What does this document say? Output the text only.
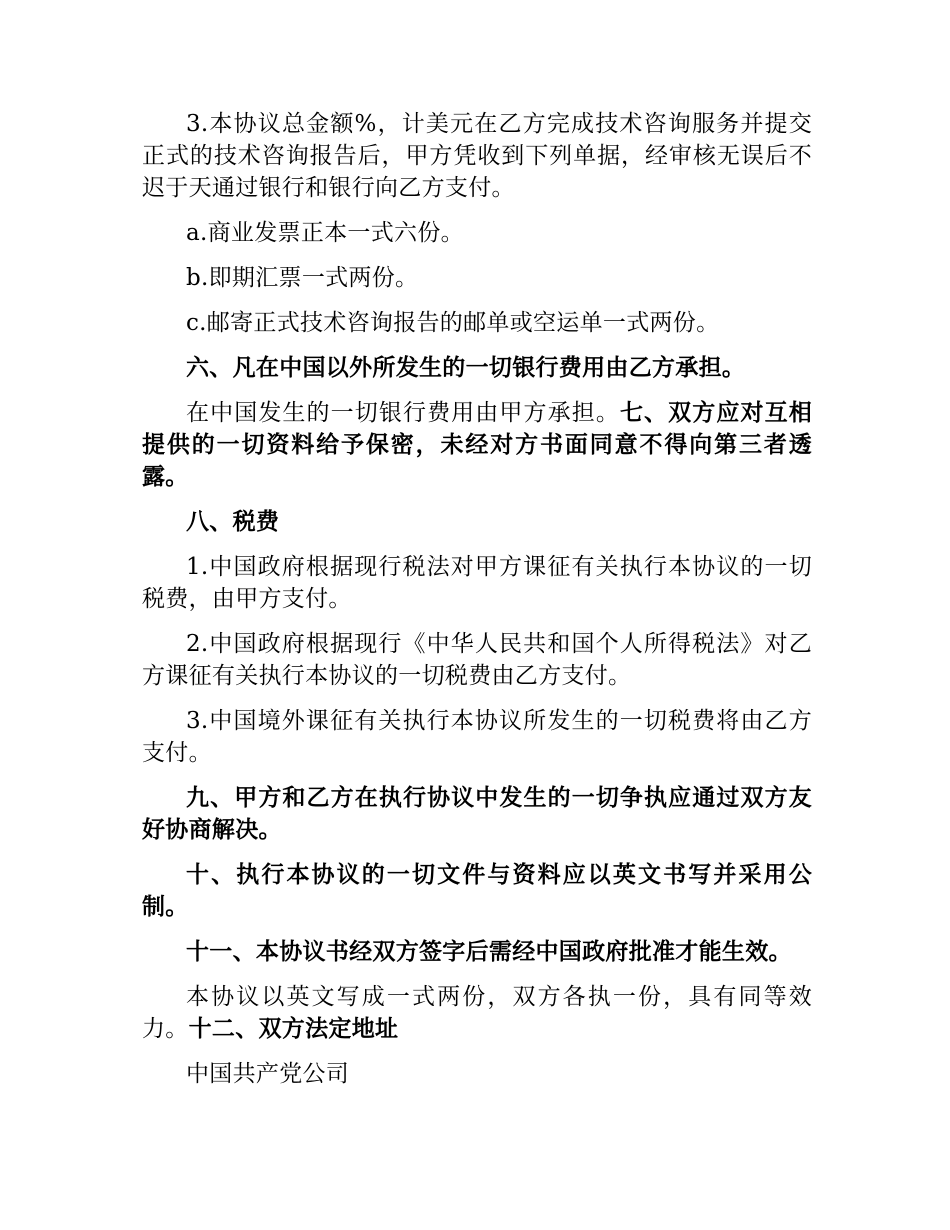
3.本协议总金额%，计美元在乙方完成技术咨询服务并提交正式的技术咨询报告后，甲方凭收到下列单据，经审核无误后不迟于天通过银行和银行向乙方支付。

a.商业发票正本一式六份。

b.即期汇票一式两份。

c.邮寄正式技术咨询报告的邮单或空运单一式两份。

六、凡在中国以外所发生的一切银行费用由乙方承担。

在中国发生的一切银行费用由甲方承担。七、双方应对互相提供的一切资料给予保密，未经对方书面同意不得向第三者透露。

八、税费

1.中国政府根据现行税法对甲方课征有关执行本协议的一切税费，由甲方支付。

2.中国政府根据现行《中华人民共和国个人所得税法》对乙方课征有关执行本协议的一切税费由乙方支付。

3.中国境外课征有关执行本协议所发生的一切税费将由乙方支付。

九、甲方和乙方在执行协议中发生的一切争执应通过双方友好协商解决。

十、执行本协议的一切文件与资料应以英文书写并采用公制。

十一、本协议书经双方签字后需经中国政府批准才能生效。

本协议以英文写成一式两份，双方各执一份，具有同等效力。十二、双方法定地址

中国共产党公司
